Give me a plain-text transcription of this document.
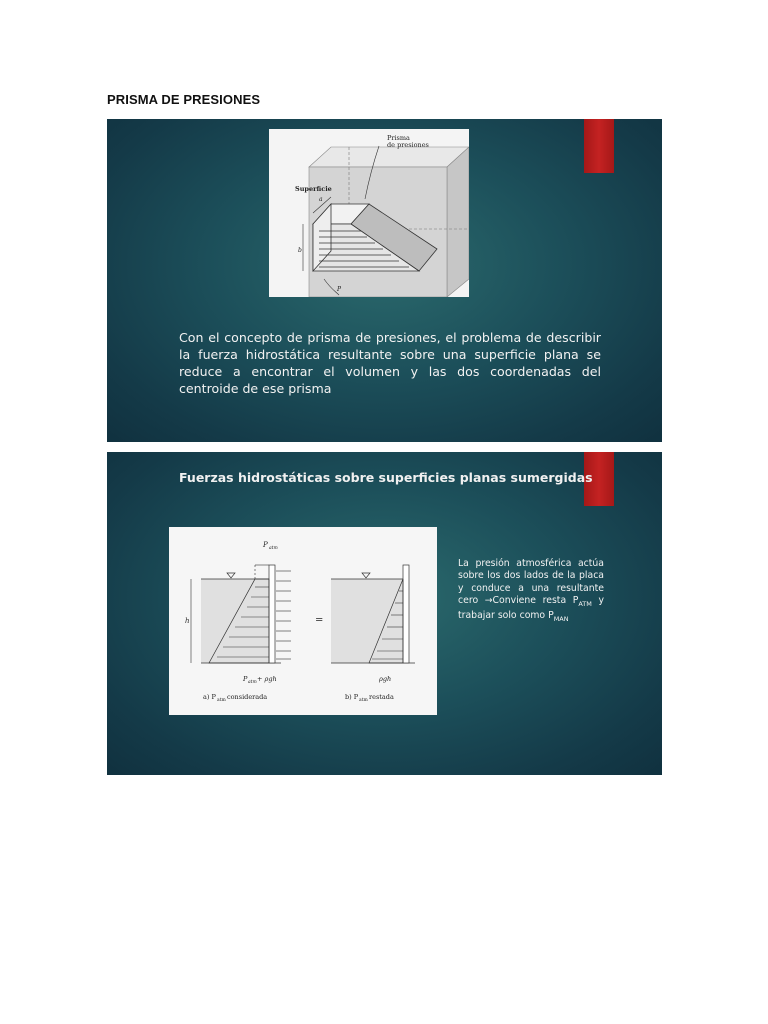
PRISMA DE PRESIONES
Prisma
de presiones
Superficie
a
b
P
Con el concepto de prisma de presiones, el problema de describir la fuerza hidrostática resultante sobre una superficie plana se reduce a encontrar el volumen y las dos coordenadas del centroide de ese prisma
Fuerzas hidrostáticas sobre superficies planas sumergidas
P atm
h
P atm + ρgh
a) P atm considerada
=
ρgh
b) P atm restada
La presión atmosférica actúa sobre los dos lados de la placa y conduce a una resultante cero →Conviene resta $P_{ATM}$ y trabajar solo como $P_{MAN}$
